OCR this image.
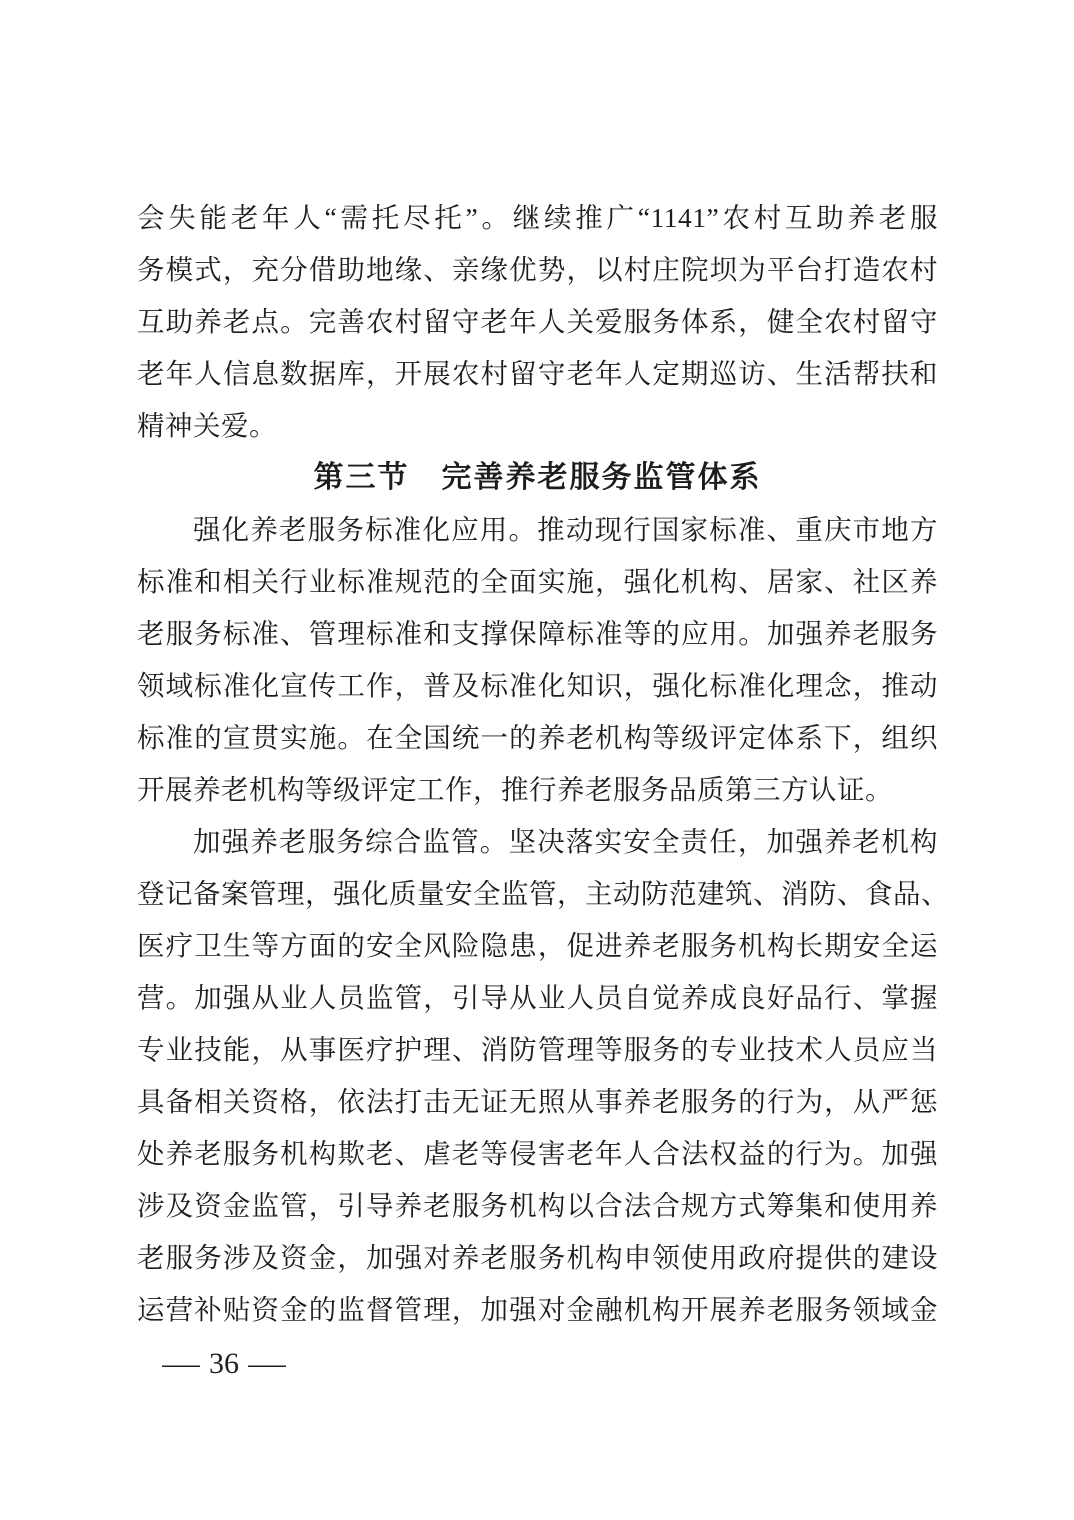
会失能老年人“需托尽托”。继续推广“1141”农村互助养老服
务模式，充分借助地缘、亲缘优势，以村庄院坝为平台打造农村
互助养老点。完善农村留守老年人关爱服务体系，健全农村留守
老年人信息数据库，开展农村留守老年人定期巡访、生活帮扶和
精神关爱。
第三节　完善养老服务监管体系
强化养老服务标准化应用。推动现行国家标准、重庆市地方
标准和相关行业标准规范的全面实施，强化机构、居家、社区养
老服务标准、管理标准和支撑保障标准等的应用。加强养老服务
领域标准化宣传工作，普及标准化知识，强化标准化理念，推动
标准的宣贯实施。在全国统一的养老机构等级评定体系下，组织
开展养老机构等级评定工作，推行养老服务品质第三方认证。
加强养老服务综合监管。坚决落实安全责任，加强养老机构
登记备案管理，强化质量安全监管，主动防范建筑、消防、食品、
医疗卫生等方面的安全风险隐患，促进养老服务机构长期安全运
营。加强从业人员监管，引导从业人员自觉养成良好品行、掌握
专业技能，从事医疗护理、消防管理等服务的专业技术人员应当
具备相关资格，依法打击无证无照从事养老服务的行为，从严惩
处养老服务机构欺老、虐老等侵害老年人合法权益的行为。加强
涉及资金监管，引导养老服务机构以合法合规方式筹集和使用养
老服务涉及资金，加强对养老服务机构申领使用政府提供的建设
运营补贴资金的监督管理，加强对金融机构开展养老服务领域金
— 36 —
